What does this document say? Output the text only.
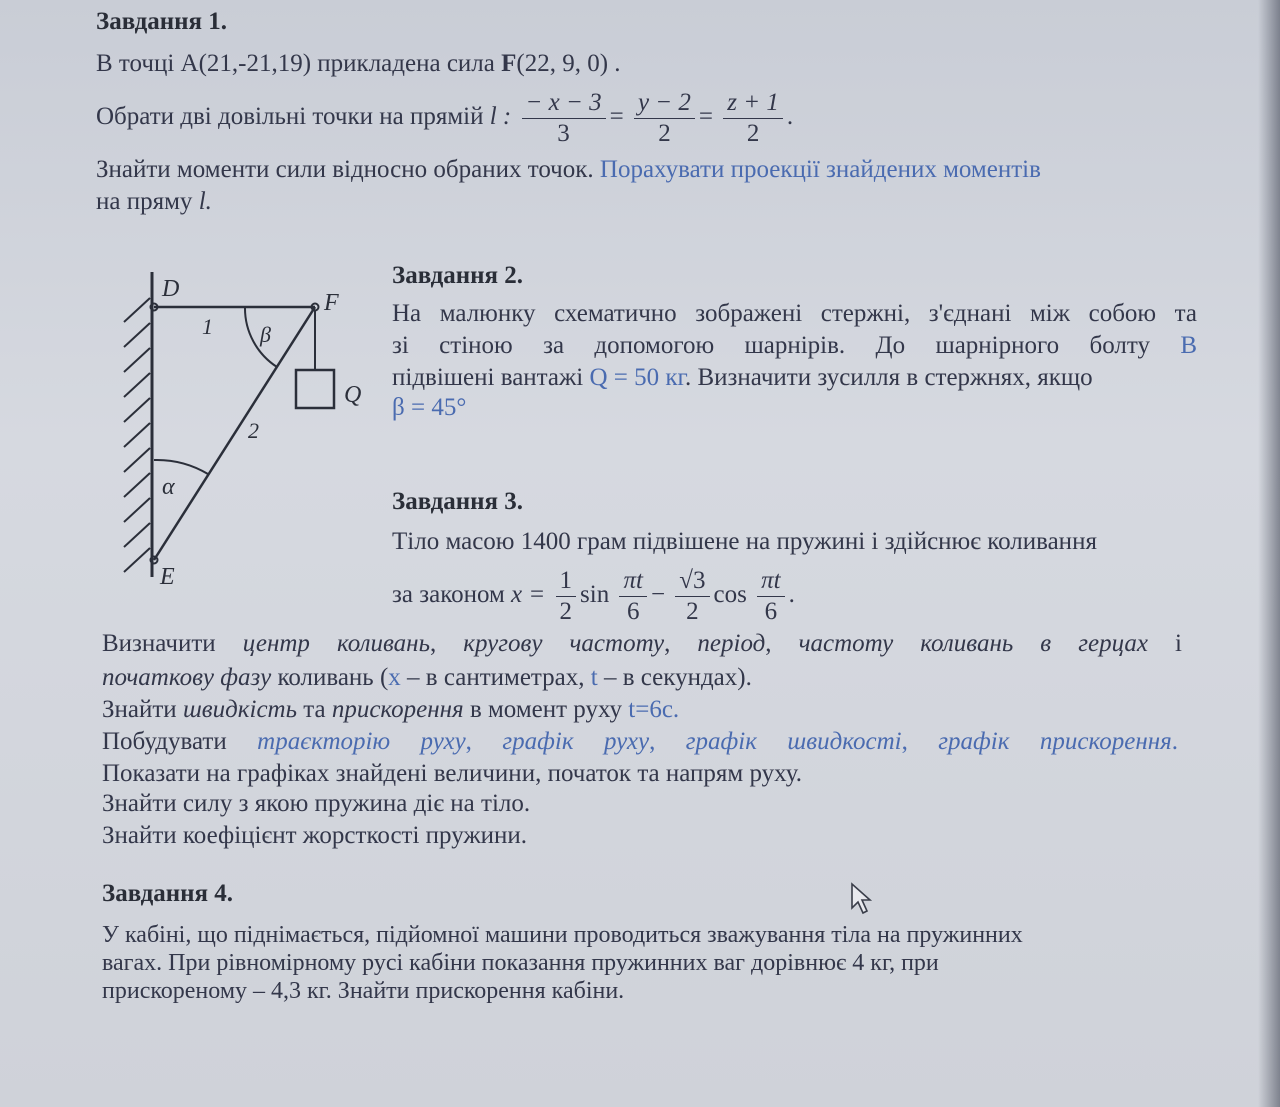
Завдання 1.
В точці А(21,-21,19) прикладена сила F(22, 9, 0) .
Обрати дві довільні точки на прямій l : $\frac{- x - 3}{3} = \frac{y - 2}{2} = \frac{z + 1}{2}$ .
Знайти моменти сили відносно обраних точок. Порахувати проекції знайдених моментів
на пряму l.
D
F
1 β
Q
2
α
E
Завдання 2.
На малюнку схематично зображені стержні, з'єднані між собою та
зі стіною за допомогою шарнірів. До шарнірного болту В
підвішені вантажі Q = 50 кг. Визначити зусилля в стержнях, якщо
β = 45°
Завдання 3.
Тіло масою 1400 грам підвішене на пружині і здійснює коливання
за законом $x = \frac{1}{2}$ $\sin \frac{\pi t}{6} - \frac{√3}{2}$ $\cos \frac{\pi t}{6}$ .
Визначити центр коливань, кругову частоту, період, частоту коливань в герцах і
початкову фазу коливань (x – в сантиметрах, t – в секундах).
Знайти швидкість та прискорення в момент руху t=6c.
Побудувати траєкторію руху, графік руху, графік швидкості, графік прискорення.
Показати на графіках знайдені величини, початок та напрям руху.
Знайти силу з якою пружина діє на тіло.
Знайти коефіцієнт жорсткості пружини.
Завдання 4.
У кабіні, що піднімається, підйомної машини проводиться зважування тіла на пружинних
вагах. При рівномірному русі кабіни показання пружинних ваг дорівнює 4 кг, при
прискореному – 4,3 кг. Знайти прискорення кабіни.
